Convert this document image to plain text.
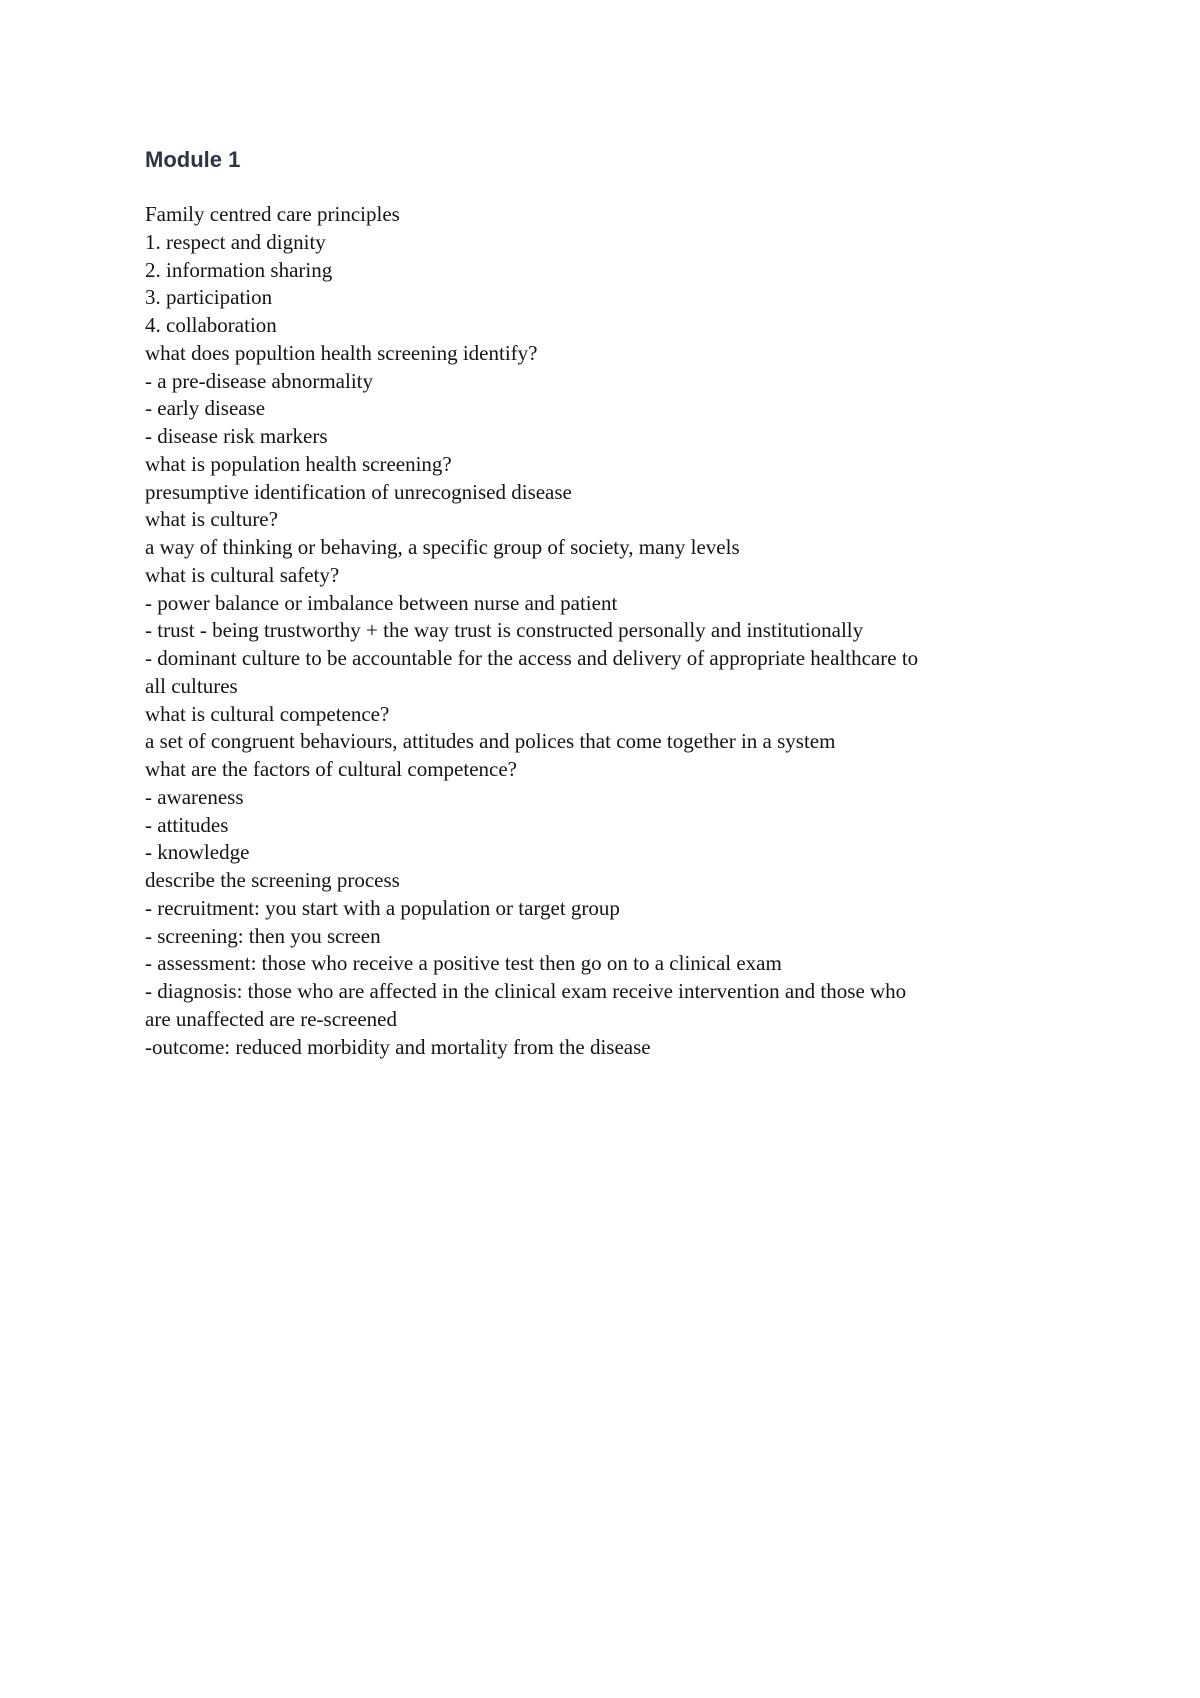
Module 1
Family centred care principles
1. respect and dignity
2. information sharing
3. participation
4. collaboration
what does popultion health screening identify?
- a pre-disease abnormality
- early disease
- disease risk markers
what is population health screening?
presumptive identification of unrecognised disease
what is culture?
a way of thinking or behaving, a specific group of society, many levels
what is cultural safety?
- power balance or imbalance between nurse and patient
- trust - being trustworthy + the way trust is constructed personally and institutionally
- dominant culture to be accountable for the access and delivery of appropriate healthcare to
all cultures
what is cultural competence?
a set of congruent behaviours, attitudes and polices that come together in a system
what are the factors of cultural competence?
- awareness
- attitudes
- knowledge
describe the screening process
- recruitment: you start with a population or target group
- screening: then you screen
- assessment: those who receive a positive test then go on to a clinical exam
- diagnosis: those who are affected in the clinical exam receive intervention and those who
are unaffected are re-screened
-outcome: reduced morbidity and mortality from the disease
